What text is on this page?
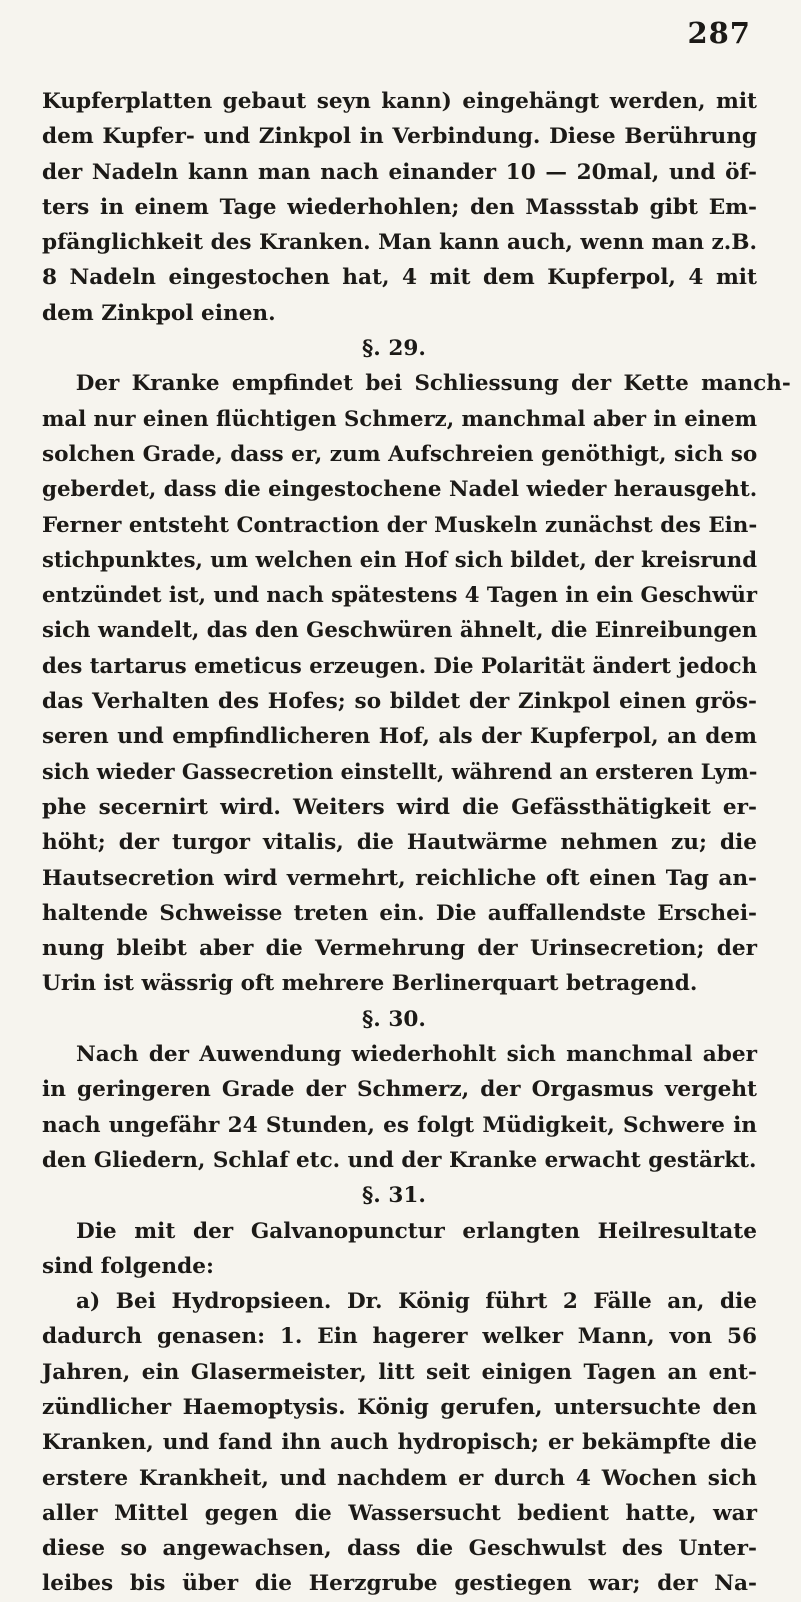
287
Kupferplatten gebaut seyn kann) eingehängt werden, mit
dem Kupfer- und Zinkpol in Verbindung. Diese Berührung
der Nadeln kann man nach einander 10 — 20mal, und öf-
ters in einem Tage wiederhohlen; den Massstab gibt Em-
pfänglichkeit des Kranken. Man kann auch, wenn man z.B.
8 Nadeln eingestochen hat, 4 mit dem Kupferpol, 4 mit
dem Zinkpol einen.
§. 29.
Der Kranke empfindet bei Schliessung der Kette manch-
mal nur einen flüchtigen Schmerz, manchmal aber in einem
solchen Grade, dass er, zum Aufschreien genöthigt, sich so
geberdet, dass die eingestochene Nadel wieder herausgeht.
Ferner entsteht Contraction der Muskeln zunächst des Ein-
stichpunktes, um welchen ein Hof sich bildet, der kreisrund
entzündet ist, und nach spätestens 4 Tagen in ein Geschwür
sich wandelt, das den Geschwüren ähnelt, die Einreibungen
des tartarus emeticus erzeugen. Die Polarität ändert jedoch
das Verhalten des Hofes; so bildet der Zinkpol einen grös-
seren und empfindlicheren Hof, als der Kupferpol, an dem
sich wieder Gassecretion einstellt, während an ersteren Lym-
phe secernirt wird. Weiters wird die Gefässthätigkeit er-
höht; der turgor vitalis, die Hautwärme nehmen zu; die
Hautsecretion wird vermehrt, reichliche oft einen Tag an-
haltende Schweisse treten ein. Die auffallendste Erschei-
nung bleibt aber die Vermehrung der Urinsecretion; der
Urin ist wässrig oft mehrere Berlinerquart betragend.
§. 30.
Nach der Auwendung wiederhohlt sich manchmal aber
in geringeren Grade der Schmerz, der Orgasmus vergeht
nach ungefähr 24 Stunden, es folgt Müdigkeit, Schwere in
den Gliedern, Schlaf etc. und der Kranke erwacht gestärkt.
§. 31.
Die mit der Galvanopunctur erlangten Heilresultate
sind folgende:
a) Bei Hydropsieen. Dr. König führt 2 Fälle an, die
dadurch genasen: 1. Ein hagerer welker Mann, von 56
Jahren, ein Glasermeister, litt seit einigen Tagen an ent-
zündlicher Haemoptysis. König gerufen, untersuchte den
Kranken, und fand ihn auch hydropisch; er bekämpfte die
erstere Krankheit, und nachdem er durch 4 Wochen sich
aller Mittel gegen die Wassersucht bedient hatte, war
diese so angewachsen, dass die Geschwulst des Unter-
leibes bis über die Herzgrube gestiegen war; der Na-
